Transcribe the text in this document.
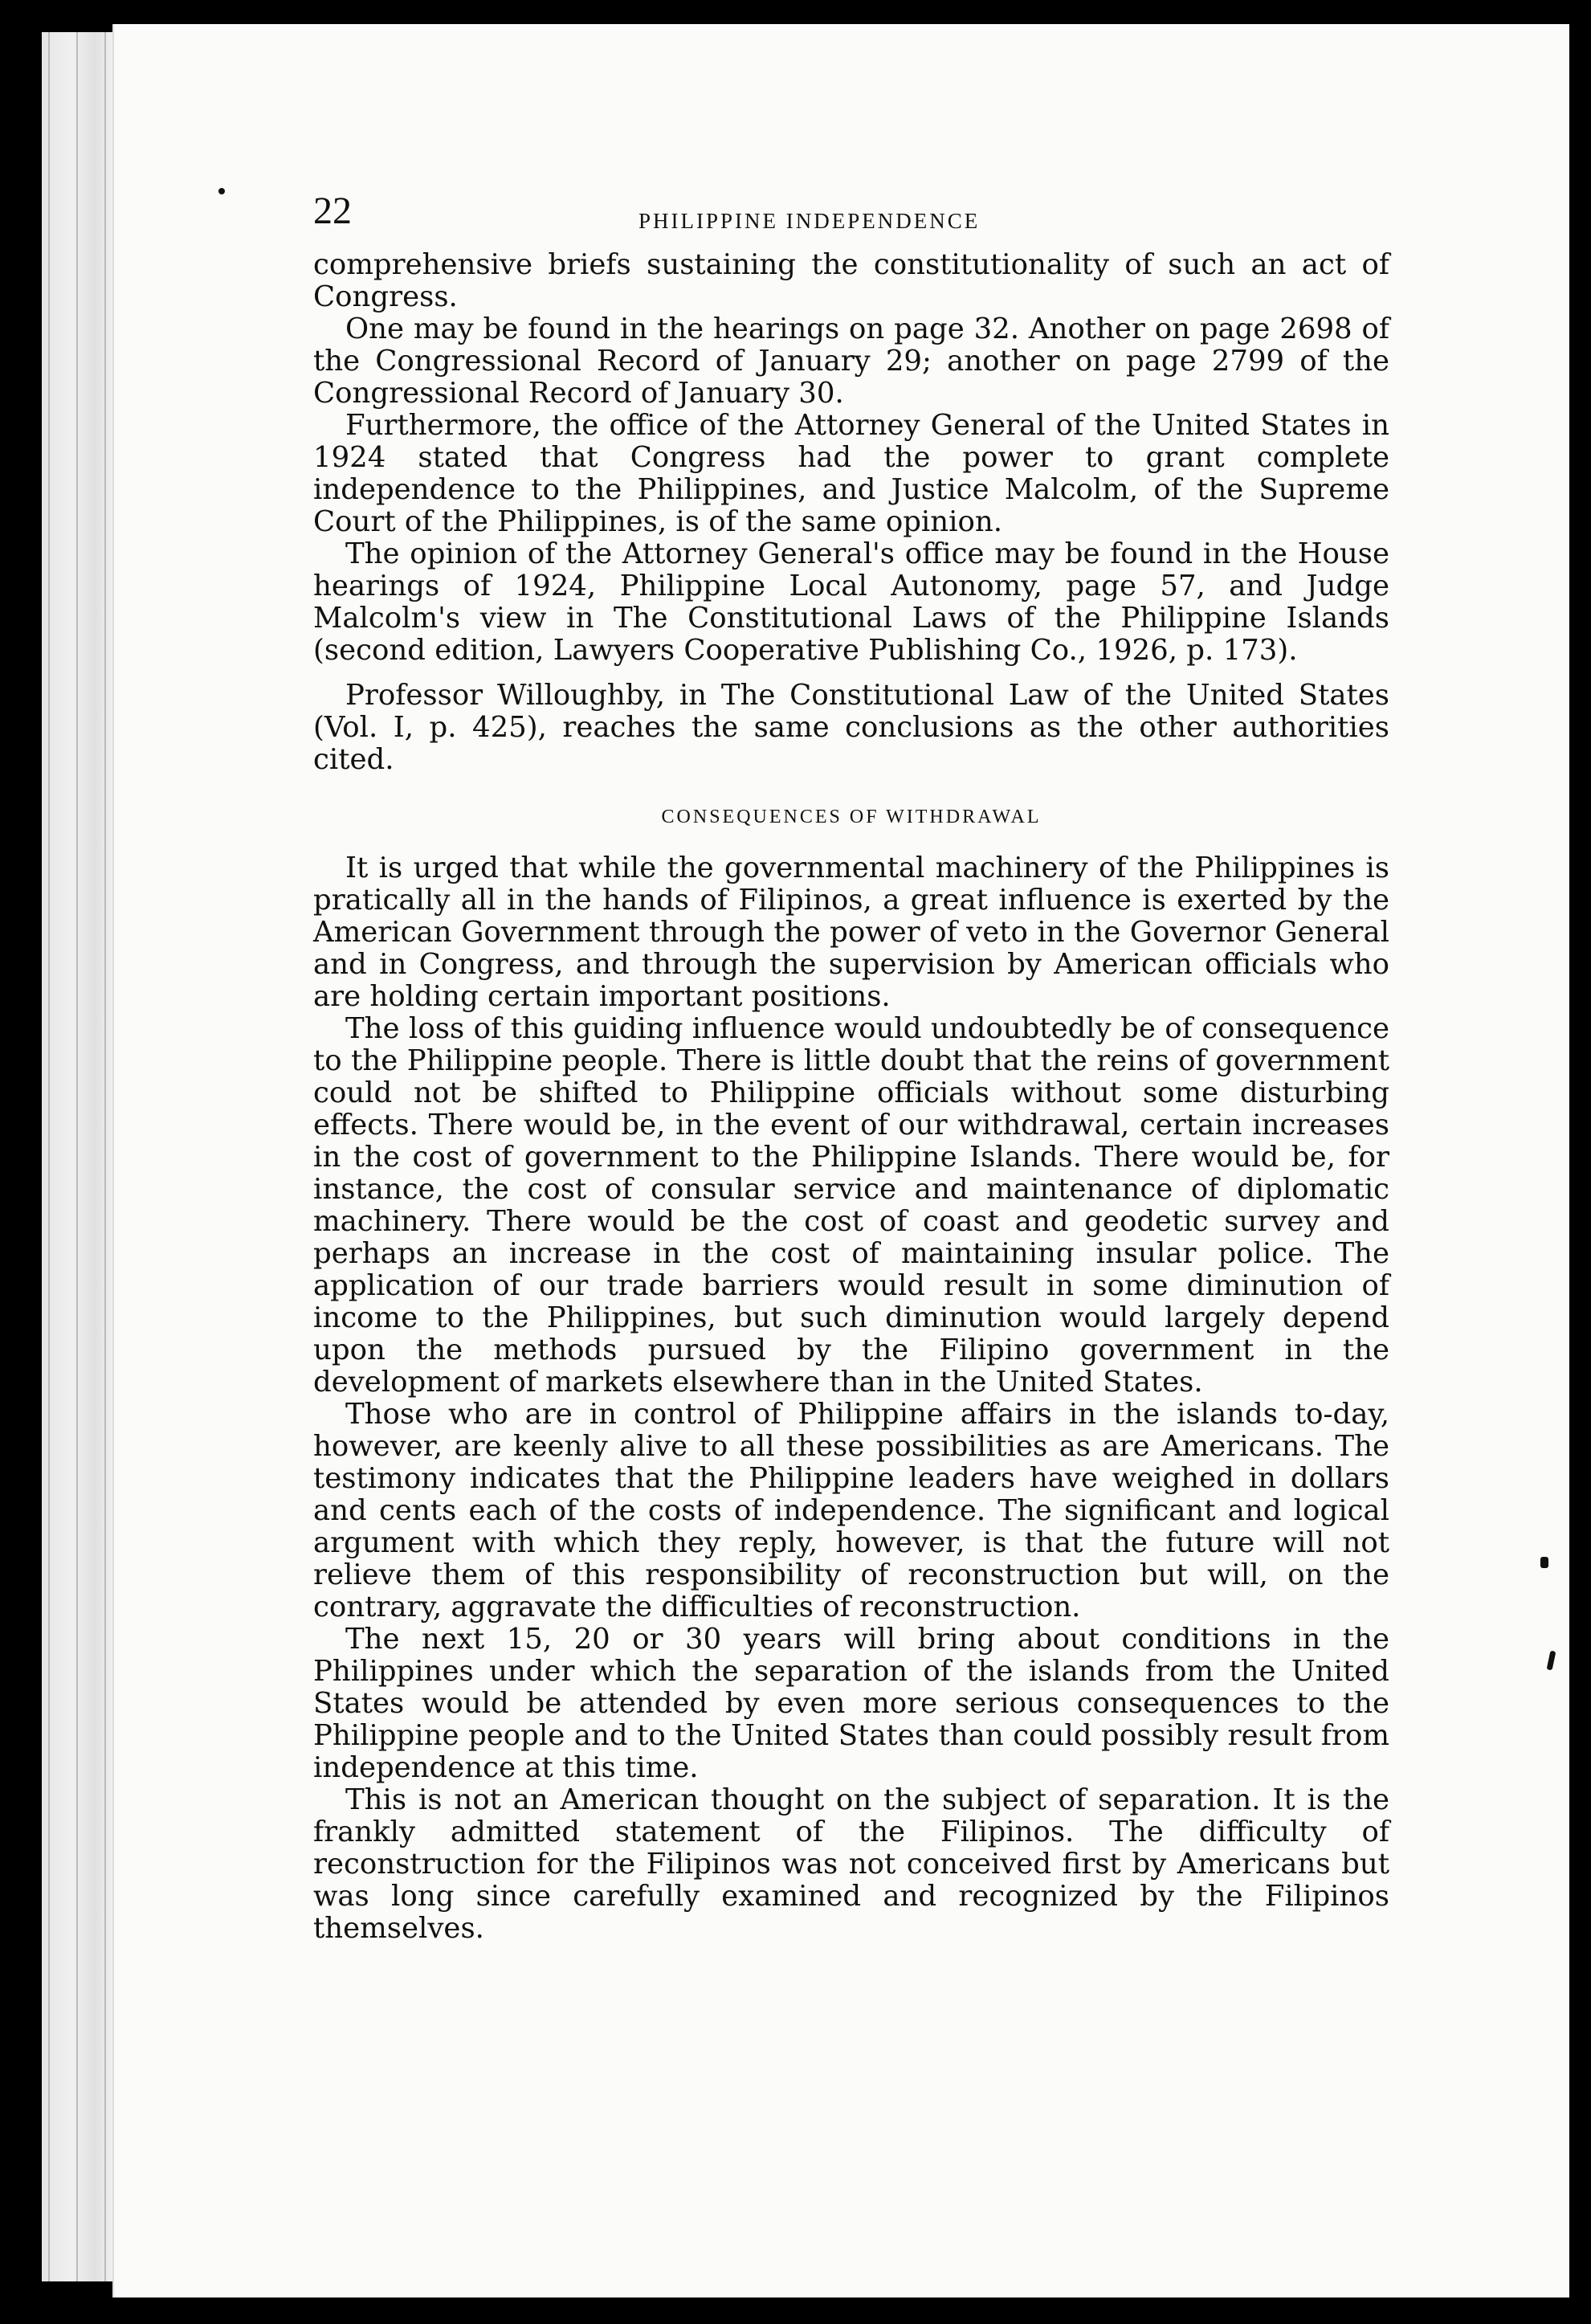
22	PHILIPPINE INDEPENDENCE

comprehensive briefs sustaining the constitutionality of such an act of Congress.

One may be found in the hearings on page 32. Another on page 2698 of the Congressional Record of January 29; another on page 2799 of the Congressional Record of January 30.

Furthermore, the office of the Attorney General of the United States in 1924 stated that Congress had the power to grant complete independence to the Philippines, and Justice Malcolm, of the Supreme Court of the Philippines, is of the same opinion.

The opinion of the Attorney General's office may be found in the House hearings of 1924, Philippine Local Autonomy, page 57, and Judge Malcolm's view in The Constitutional Laws of the Philippine Islands (second edition, Lawyers Cooperative Publishing Co., 1926, p. 173).

Professor Willoughby, in The Constitutional Law of the United States (Vol. I, p. 425), reaches the same conclusions as the other authorities cited.

CONSEQUENCES OF WITHDRAWAL

It is urged that while the governmental machinery of the Philippines is pratically all in the hands of Filipinos, a great influence is exerted by the American Government through the power of veto in the Governor General and in Congress, and through the supervision by American officials who are holding certain important positions.

The loss of this guiding influence would undoubtedly be of consequence to the Philippine people. There is little doubt that the reins of government could not be shifted to Philippine officials without some disturbing effects. There would be, in the event of our withdrawal, certain increases in the cost of government to the Philippine Islands. There would be, for instance, the cost of consular service and maintenance of diplomatic machinery. There would be the cost of coast and geodetic survey and perhaps an increase in the cost of maintaining insular police. The application of our trade barriers would result in some diminution of income to the Philippines, but such diminution would largely depend upon the methods pursued by the Filipino government in the development of markets elsewhere than in the United States.

Those who are in control of Philippine affairs in the islands to-day, however, are keenly alive to all these possibilities as are Americans. The testimony indicates that the Philippine leaders have weighed in dollars and cents each of the costs of independence. The significant and logical argument with which they reply, however, is that the future will not relieve them of this responsibility of reconstruction but will, on the contrary, aggravate the difficulties of reconstruction.

The next 15, 20 or 30 years will bring about conditions in the Philippines under which the separation of the islands from the United States would be attended by even more serious consequences to the Philippine people and to the United States than could possibly result from independence at this time.

This is not an American thought on the subject of separation. It is the frankly admitted statement of the Filipinos. The difficulty of reconstruction for the Filipinos was not conceived first by Americans but was long since carefully examined and recognized by the Filipinos themselves.
